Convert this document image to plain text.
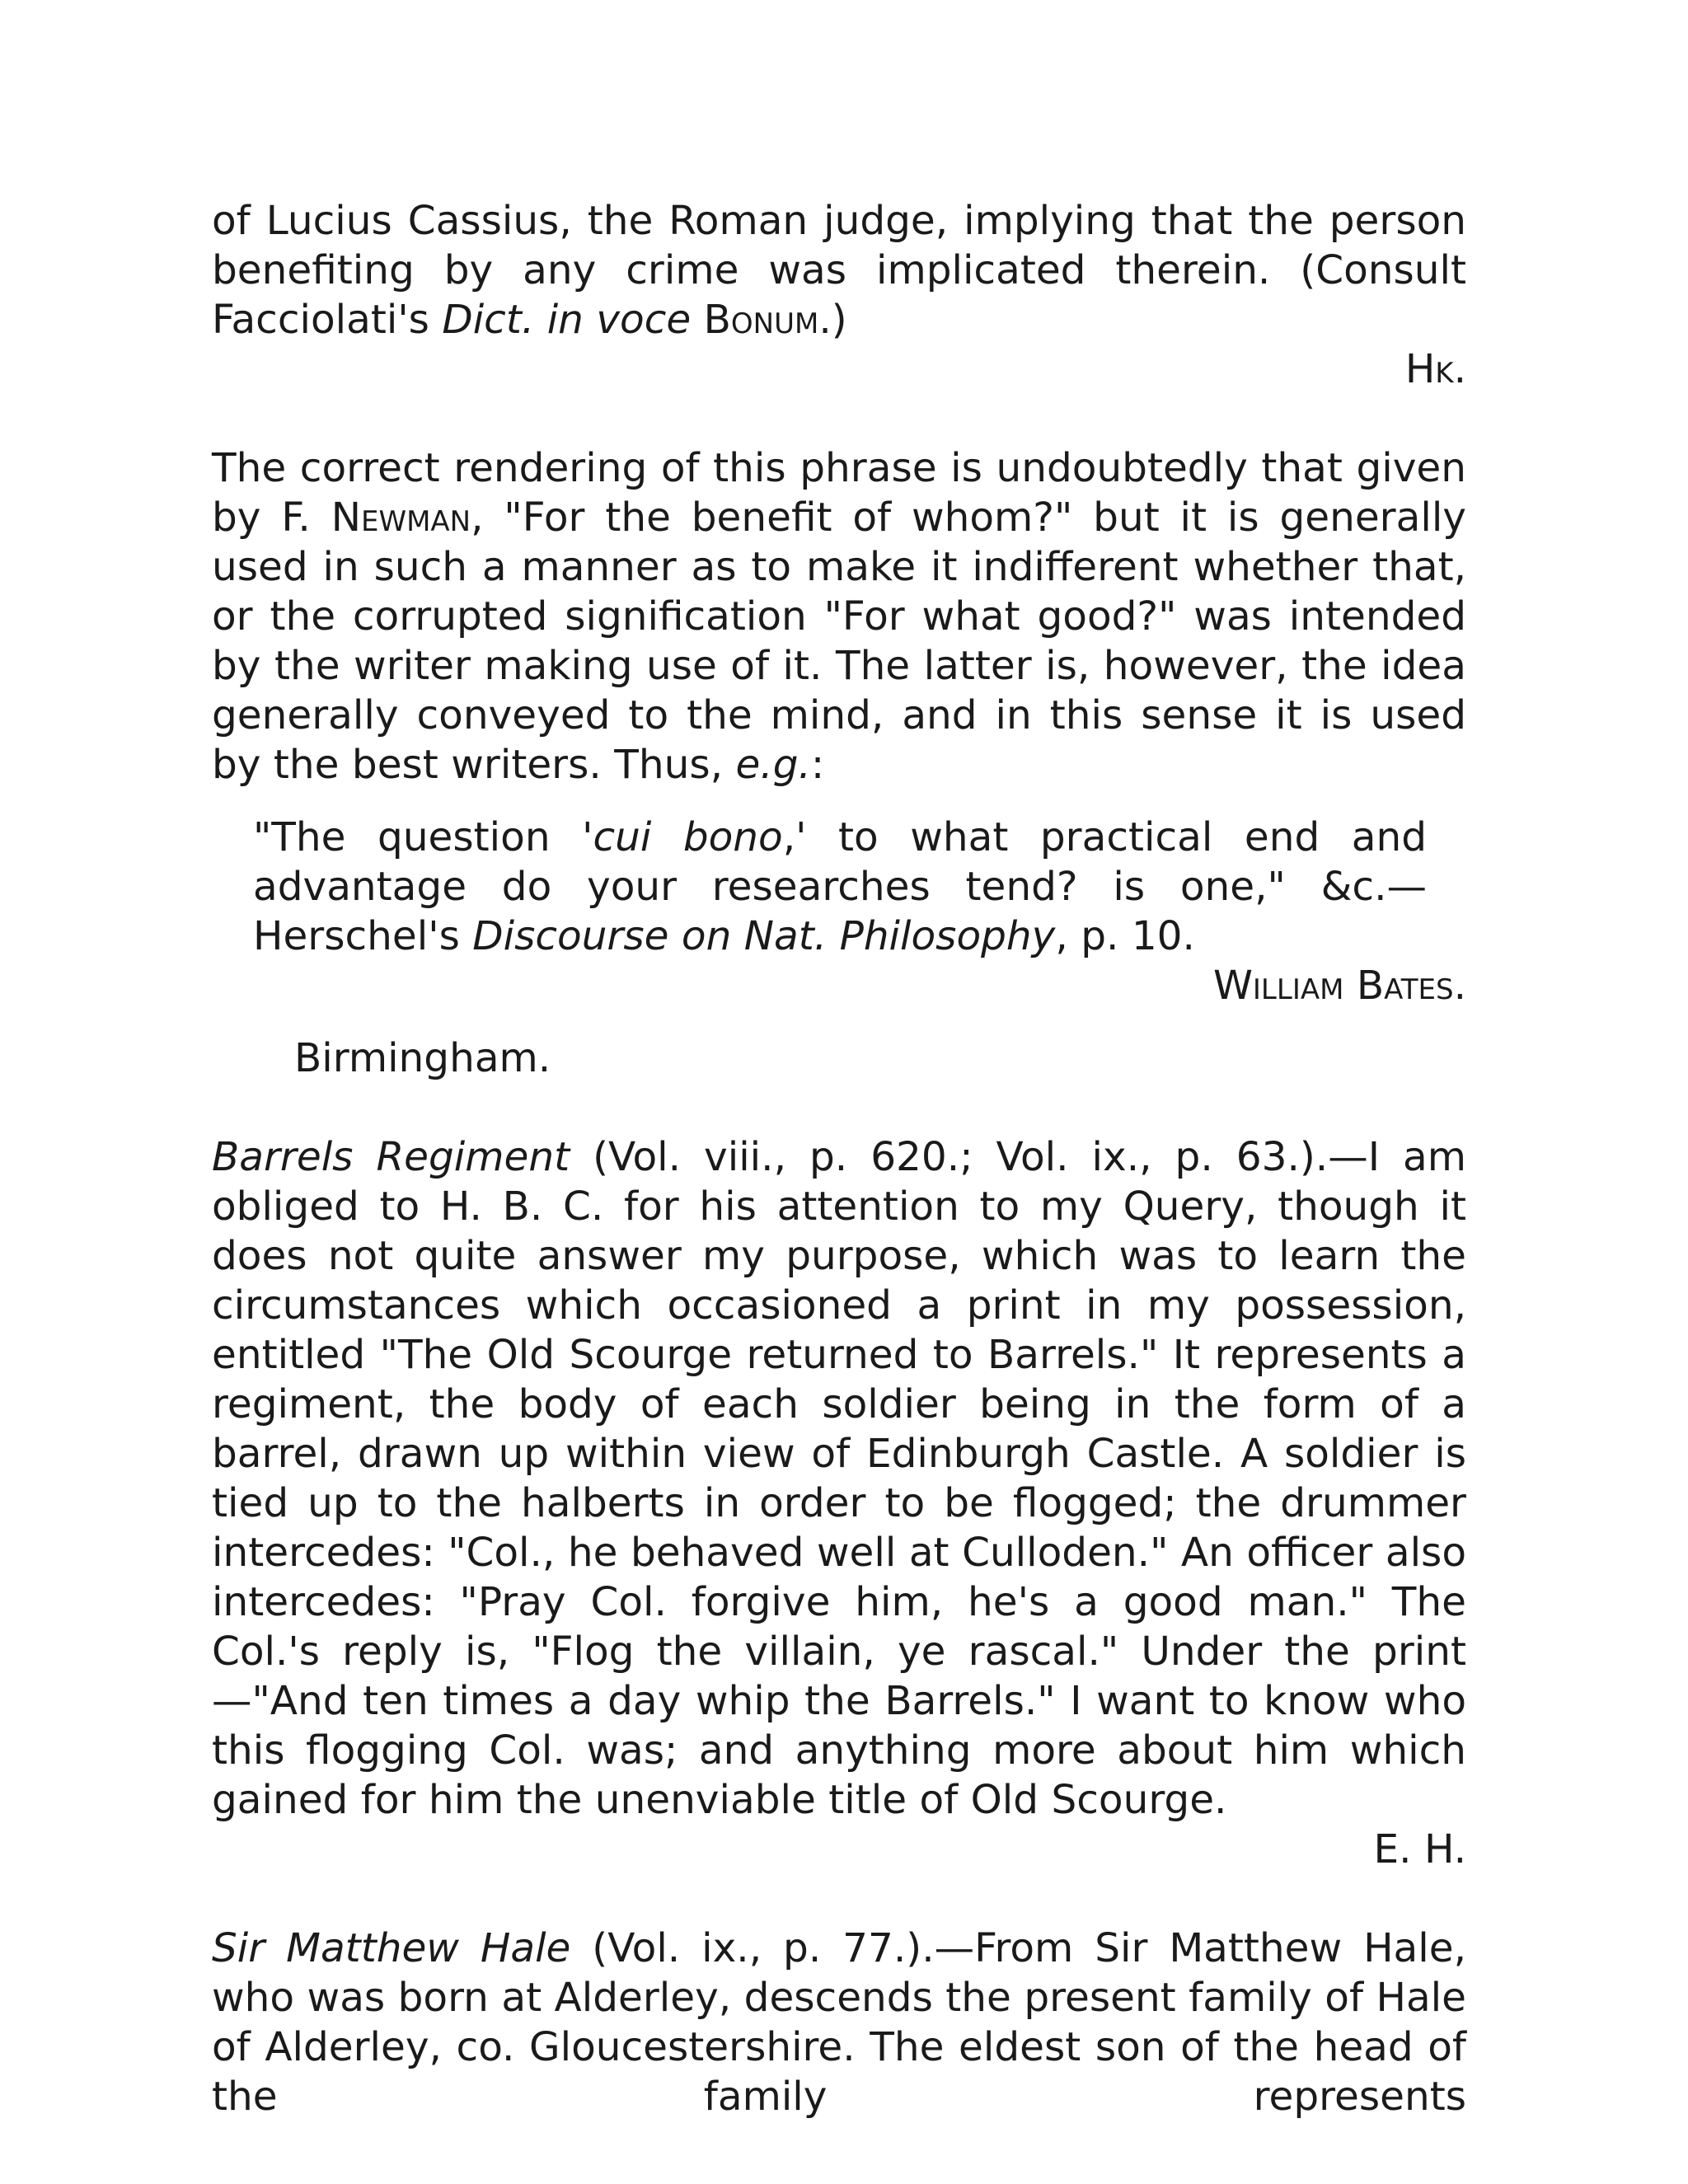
of Lucius Cassius, the Roman judge, implying that the person benefiting by any crime was implicated therein. (Consult Facciolati's Dict. in voce Bonum.)

Hk.

The correct rendering of this phrase is undoubtedly that given by F. Newman, "For the benefit of whom?" but it is generally used in such a manner as to make it indifferent whether that, or the corrupted signification "For what good?" was intended by the writer making use of it. The latter is, however, the idea generally conveyed to the mind, and in this sense it is used by the best writers. Thus, e.g.:

"The question 'cui bono,' to what practical end and advantage do your researches tend? is one," &c.—Herschel's Discourse on Nat. Philosophy, p. 10.

William Bates.

Birmingham.

Barrels Regiment (Vol. viii., p. 620.; Vol. ix., p. 63.).—I am obliged to H. B. C. for his attention to my Query, though it does not quite answer my purpose, which was to learn the circumstances which occasioned a print in my possession, entitled "The Old Scourge returned to Barrels." It represents a regiment, the body of each soldier being in the form of a barrel, drawn up within view of Edinburgh Castle. A soldier is tied up to the halberts in order to be flogged; the drummer intercedes: "Col., he behaved well at Culloden." An officer also intercedes: "Pray Col. forgive him, he's a good man." The Col.'s reply is, "Flog the villain, ye rascal." Under the print—"And ten times a day whip the Barrels." I want to know who this flogging Col. was; and anything more about him which gained for him the unenviable title of Old Scourge.

E. H.

Sir Matthew Hale (Vol. ix., p. 77.).—From Sir Matthew Hale, who was born at Alderley, descends the present family of Hale of Alderley, co. Gloucestershire. The eldest son of the head of the family represents
